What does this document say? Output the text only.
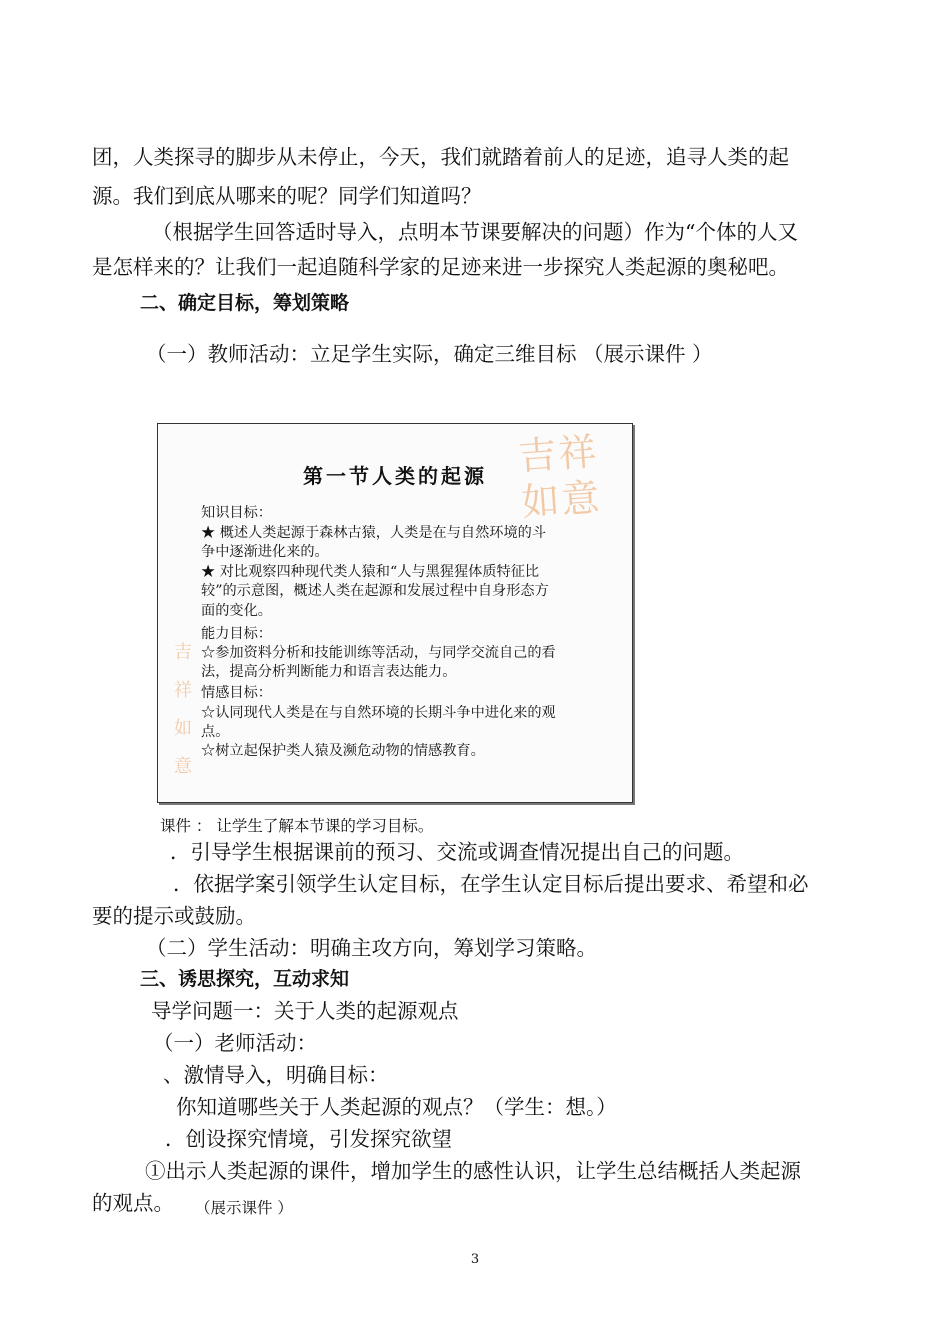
团，人类探寻的脚步从未停止，今天，我们就踏着前人的足迹，追寻人类的起
源。我们到底从哪来的呢？同学们知道吗？
（根据学生回答适时导入，点明本节课要解决的问题）作为“个体的人又
是怎样来的？让我们一起追随科学家的足迹来进一步探究人类起源的奥秘吧。
二、确定目标，筹划策略
（一）教师活动：立足学生实际，确定三维目标 （展示课件 ）
吉祥
如意
吉
祥
如
意
第一节人类的起源
知识目标：
★ 概述人类起源于森林古猿，人类是在与自然环境的斗
争中逐渐进化来的。
★ 对比观察四种现代类人猿和“人与黑猩猩体质特征比
较”的示意图，概述人类在起源和发展过程中自身形态方
面的变化。
能力目标：
☆参加资料分析和技能训练等活动，与同学交流自己的看
法，提高分析判断能力和语言表达能力。
情感目标：
☆认同现代人类是在与自然环境的长期斗争中进化来的观
点。
☆树立起保护类人猿及濒危动物的情感教育。
课件 ： 让学生了解本节课的学习目标。
．引导学生根据课前的预习、交流或调查情况提出自己的问题。
．依据学案引领学生认定目标，在学生认定目标后提出要求、希望和必
要的提示或鼓励。
（二）学生活动：明确主攻方向，筹划学习策略。
三、诱思探究，互动求知
导学问题一：关于人类的起源观点
（一）老师活动：
、激情导入，明确目标：
你知道哪些关于人类起源的观点？（学生：想。）
．创设探究情境，引发探究欲望
①出示人类起源的课件，增加学生的感性认识，让学生总结概括人类起源
的观点。 （展示课件 ）
3
